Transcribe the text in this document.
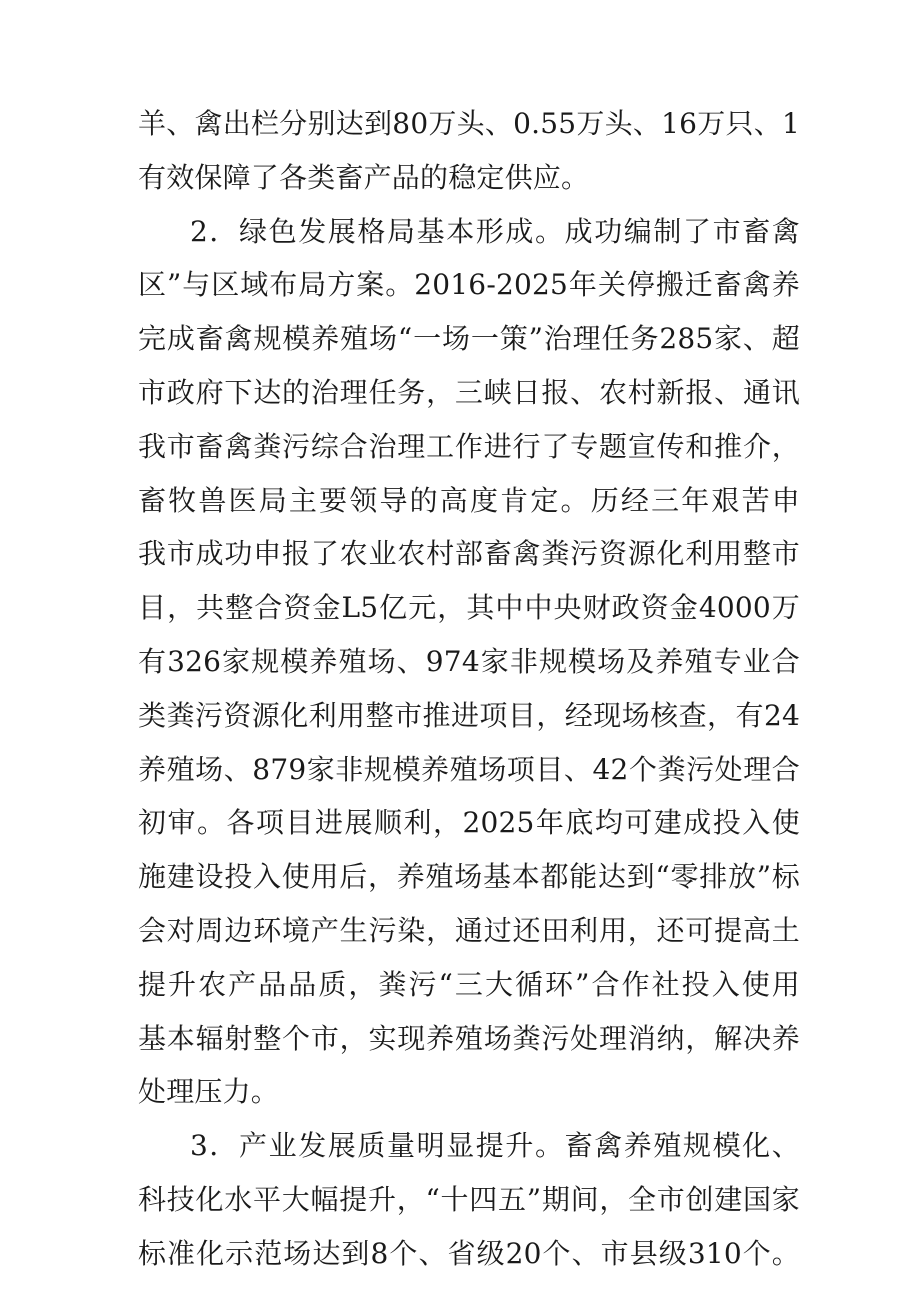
羊、禽出栏分别达到80万头、0.55万头、16万只、1
有效保障了各类畜产品的稳定供应。
2．绿色发展格局基本形成。成功编制了市畜禽
区”与区域布局方案。2016-2025年关停搬迁畜禽养
完成畜禽规模养殖场“一场一策”治理任务285家、超
市政府下达的治理任务，三峡日报、农村新报、通讯
我市畜禽粪污综合治理工作进行了专题宣传和推介，
畜牧兽医局主要领导的高度肯定。历经三年艰苦申
我市成功申报了农业农村部畜禽粪污资源化利用整市
目，共整合资金L5亿元，其中中央财政资金4000万
有326家规模养殖场、974家非规模场及养殖专业合
类粪污资源化利用整市推进项目，经现场核查，有24
养殖场、879家非规模养殖场项目、42个粪污处理合
初审。各项目进展顺利，2025年底均可建成投入使
施建设投入使用后，养殖场基本都能达到“零排放”标
会对周边环境产生污染，通过还田利用，还可提高土
提升农产品品质，粪污“三大循环”合作社投入使用
基本辐射整个市，实现养殖场粪污处理消纳，解决养
处理压力。
3．产业发展质量明显提升。畜禽养殖规模化、
科技化水平大幅提升，“十四五”期间，全市创建国家
标准化示范场达到8个、省级20个、市县级310个。
